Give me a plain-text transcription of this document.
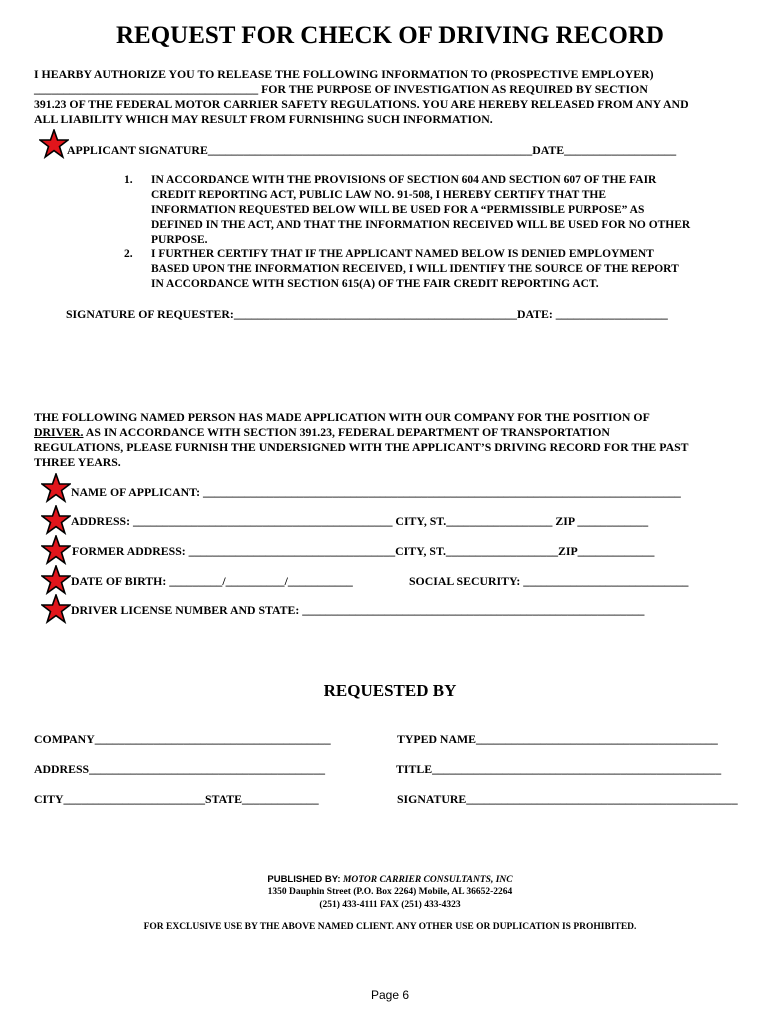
REQUEST FOR CHECK OF DRIVING RECORD
I HEARBY AUTHORIZE YOU TO RELEASE THE FOLLOWING INFORMATION TO (PROSPECTIVE EMPLOYER)
______________________________________ FOR THE PURPOSE OF INVESTIGATION AS REQUIRED BY SECTION
391.23 OF THE FEDERAL MOTOR CARRIER SAFETY REGULATIONS. YOU ARE HEREBY RELEASED FROM ANY AND
ALL LIABILITY WHICH MAY RESULT FROM FURNISHING SUCH INFORMATION.
APPLICANT SIGNATURE_______________________________________________________DATE___________________
1. IN ACCORDANCE WITH THE PROVISIONS OF SECTION 604 AND SECTION 607 OF THE FAIR
CREDIT REPORTING ACT, PUBLIC LAW NO. 91-508, I HEREBY CERTIFY THAT THE
INFORMATION REQUESTED BELOW WILL BE USED FOR A “PERMISSIBLE PURPOSE” AS
DEFINED IN THE ACT, AND THAT THE INFORMATION RECEIVED WILL BE USED FOR NO OTHER
PURPOSE.
2. I FURTHER CERTIFY THAT IF THE APPLICANT NAMED BELOW IS DENIED EMPLOYMENT
BASED UPON THE INFORMATION RECEIVED, I WILL IDENTIFY THE SOURCE OF THE REPORT
IN ACCORDANCE WITH SECTION 615(A) OF THE FAIR CREDIT REPORTING ACT.
SIGNATURE OF REQUESTER:________________________________________________DATE: ___________________
THE FOLLOWING NAMED PERSON HAS MADE APPLICATION WITH OUR COMPANY FOR THE POSITION OF
DRIVER. AS IN ACCORDANCE WITH SECTION 391.23, FEDERAL DEPARTMENT OF TRANSPORTATION
REGULATIONS, PLEASE FURNISH THE UNDERSIGNED WITH THE APPLICANT’S DRIVING RECORD FOR THE PAST
THREE YEARS.
NAME OF APPLICANT: _________________________________________________________________________________
ADDRESS: ____________________________________________ CITY, ST.__________________ ZIP ____________
FORMER ADDRESS: ___________________________________CITY, ST.___________________ZIP_____________
DATE OF BIRTH: _________/__________/___________	SOCIAL SECURITY: ____________________________
DRIVER LICENSE NUMBER AND STATE: __________________________________________________________
REQUESTED BY
COMPANY________________________________________
ADDRESS________________________________________
CITY________________________STATE_____________
TYPED NAME_________________________________________
TITLE_________________________________________________
SIGNATURE______________________________________________
PUBLISHED BY: MOTOR CARRIER CONSULTANTS, INC
1350 Dauphin Street (P.O. Box 2264) Mobile, AL 36652-2264
(251) 433-4111 FAX (251) 433-4323
FOR EXCLUSIVE USE BY THE ABOVE NAMED CLIENT. ANY OTHER USE OR DUPLICATION IS PROHIBITED.
Page 6
